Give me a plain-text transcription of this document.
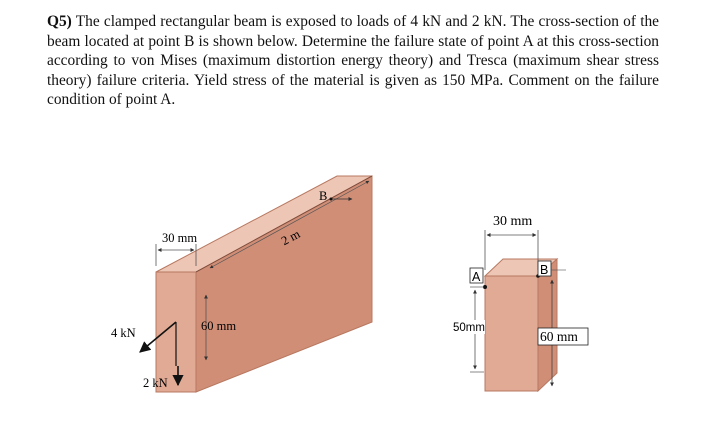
Q5) The clamped rectangular beam is exposed to loads of 4 kN and 2 kN. The cross-section of the beam located at point B is shown below. Determine the failure state of point A at this cross-section according to von Mises (maximum distortion energy theory) and Tresca (maximum shear stress theory) failure criteria. Yield stress of the material is given as 150 MPa. Comment on the failure condition of point A.

30 mm	2 m
B
60 mm
4 kN
2 kN
30 mm
A	B
50mm
60 mm
